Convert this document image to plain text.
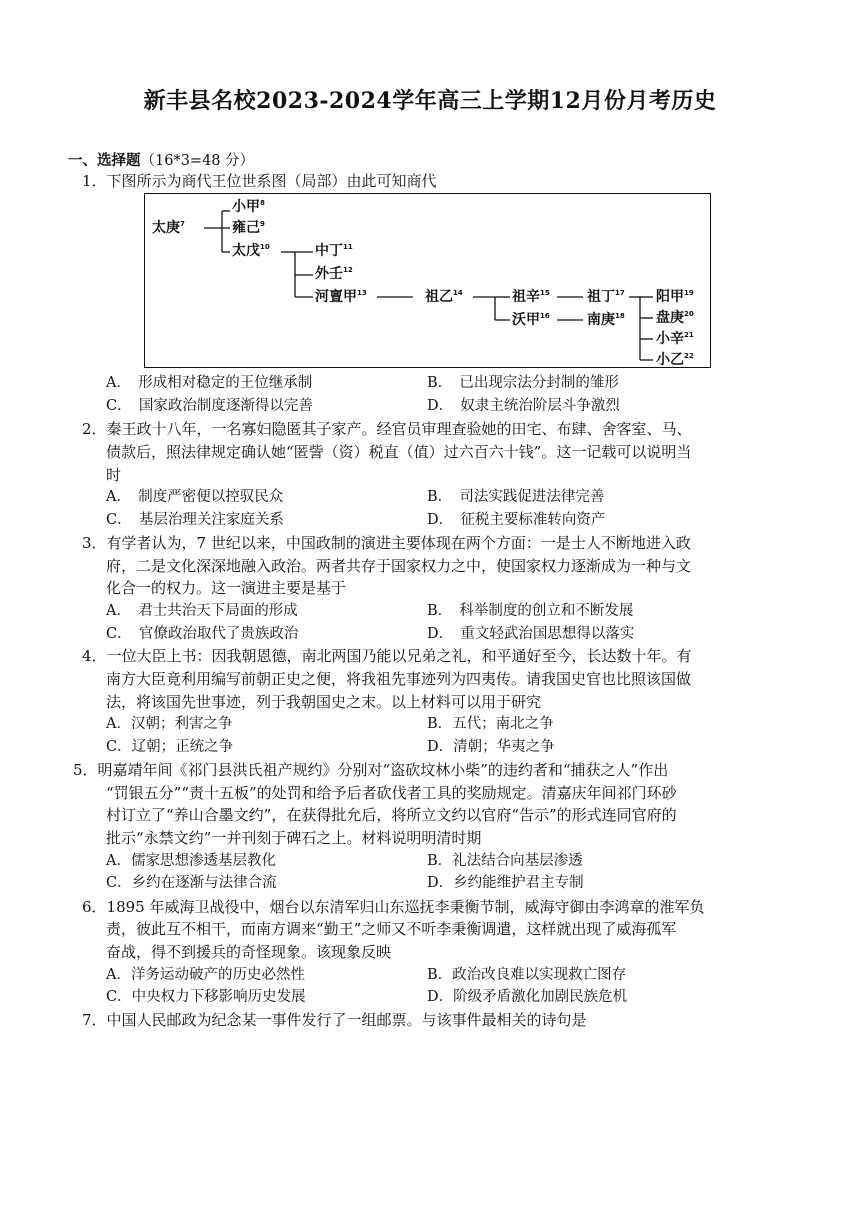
新丰县名校2023-2024学年高三上学期12月份月考历史
一、选择题（16*3=48 分）
1．下图所示为商代王位世系图（局部）由此可知商代
太庚$^7$
小甲$^8$
雍己$^9$
太戊$^{10}$	中丁$^{11}$
外壬$^{12}$
河亶甲$^{13}$	祖乙$^{14}$	祖辛$^{15}$
沃甲$^{16}$
祖丁$^{17}$
南庚$^{18}$
阳甲$^{19}$
盘庚$^{20}$
小辛$^{21}$
小乙$^{22}$
A．　形成相对稳定的王位继承制	B．　已出现宗法分封制的雏形
C．　国家政治制度逐渐得以完善	D．　奴隶主统治阶层斗争激烈
2．秦王政十八年，一名寡妇隐匿其子家产。经官员审理查验她的田宅、布肆、舍客室、马、
债款后，照法律规定确认她“匿訾（资）税直（值）过六百六十钱”。这一记载可以说明当
时
A．　制度严密便以控驭民众	B．　司法实践促进法律完善
C．　基层治理关注家庭关系	D．　征税主要标准转向资产
3．有学者认为，7 世纪以来，中国政制的演进主要体现在两个方面：一是士人不断地进入政
府，二是文化深深地融入政治。两者共存于国家权力之中，使国家权力逐渐成为一种与文
化合一的权力。这一演进主要是基于
A．　君士共治天下局面的形成	B．　科举制度的创立和不断发展
C．　官僚政治取代了贵族政治	D．　重文轻武治国思想得以落实
4．一位大臣上书：因我朝恩德，南北两国乃能以兄弟之礼，和平通好至今，长达数十年。有
南方大臣竟利用编写前朝正史之便，将我祖先事迹列为四夷传。请我国史官也比照该国做
法，将该国先世事迹，列于我朝国史之末。以上材料可以用于研究
A．汉朝；利害之争	B．五代；南北之争
C．辽朝；正统之争	D．清朝；华夷之争
5．明嘉靖年间《祁门县洪氏祖产规约》分别对“盗砍坟林小柴”的违约者和“捕获之人”作出
“罚银五分”“责十五板”的处罚和给予后者砍伐者工具的奖励规定。清嘉庆年间祁门环砂
村订立了“养山合墨文约”，在获得批允后，将所立文约以官府“告示”的形式连同官府的
批示“永禁文约”一并刊刻于碑石之上。材料说明明清时期
A．儒家思想渗透基层教化	B．礼法结合向基层渗透
C．乡约在逐渐与法律合流	D．乡约能维护君主专制
6．1895 年威海卫战役中，烟台以东清军归山东巡抚李秉衡节制，威海守御由李鸿章的淮军负
责，彼此互不相干，而南方调来“勤王”之师又不听李秉衡调遣，这样就出现了威海孤军
奋战，得不到援兵的奇怪现象。该现象反映
A．洋务运动破产的历史必然性	B．政治改良难以实现救亡图存
C．中央权力下移影响历史发展	D．阶级矛盾激化加剧民族危机
7．中国人民邮政为纪念某一事件发行了一组邮票。与该事件最相关的诗句是
